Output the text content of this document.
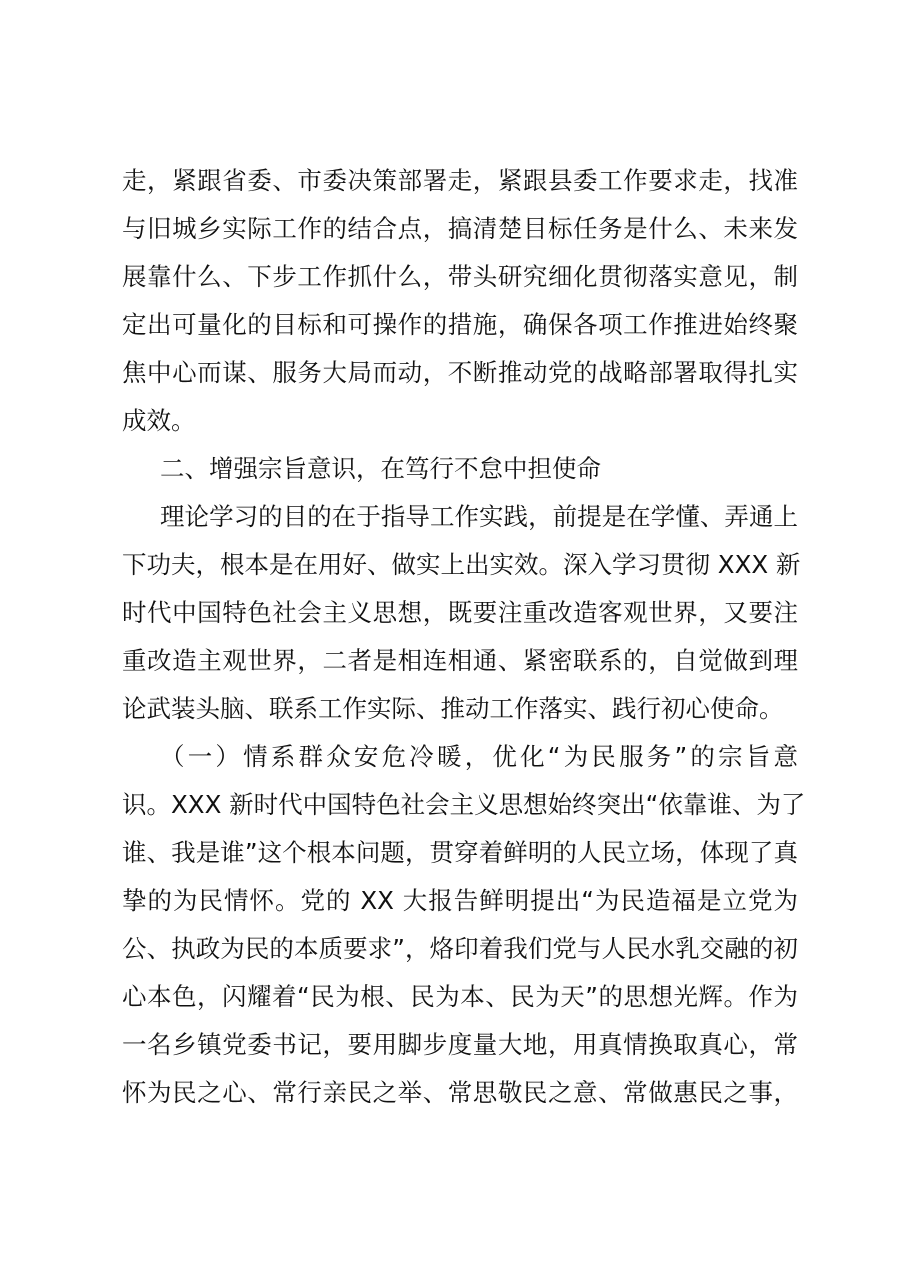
走，紧跟省委、市委决策部署走，紧跟县委工作要求走，找准
与旧城乡实际工作的结合点，搞清楚目标任务是什么、未来发
展靠什么、下步工作抓什么，带头研究细化贯彻落实意见，制
定出可量化的目标和可操作的措施，确保各项工作推进始终聚
焦中心而谋、服务大局而动，不断推动党的战略部署取得扎实
成效。
二、增强宗旨意识，在笃行不怠中担使命
理论学习的目的在于指导工作实践，前提是在学懂、弄通上
下功夫，根本是在用好、做实上出实效。深入学习贯彻 XXX 新
时代中国特色社会主义思想，既要注重改造客观世界，又要注
重改造主观世界，二者是相连相通、紧密联系的，自觉做到理
论武装头脑、联系工作实际、推动工作落实、践行初心使命。
（一）情系群众安危冷暖，优化“为民服务”的宗旨意
识。XXX 新时代中国特色社会主义思想始终突出“依靠谁、为了
谁、我是谁”这个根本问题，贯穿着鲜明的人民立场，体现了真
挚的为民情怀。党的 XX 大报告鲜明提出“为民造福是立党为
公、执政为民的本质要求”，烙印着我们党与人民水乳交融的初
心本色，闪耀着“民为根、民为本、民为天”的思想光辉。作为
一名乡镇党委书记，要用脚步度量大地，用真情换取真心，常
怀为民之心、常行亲民之举、常思敬民之意、常做惠民之事，
